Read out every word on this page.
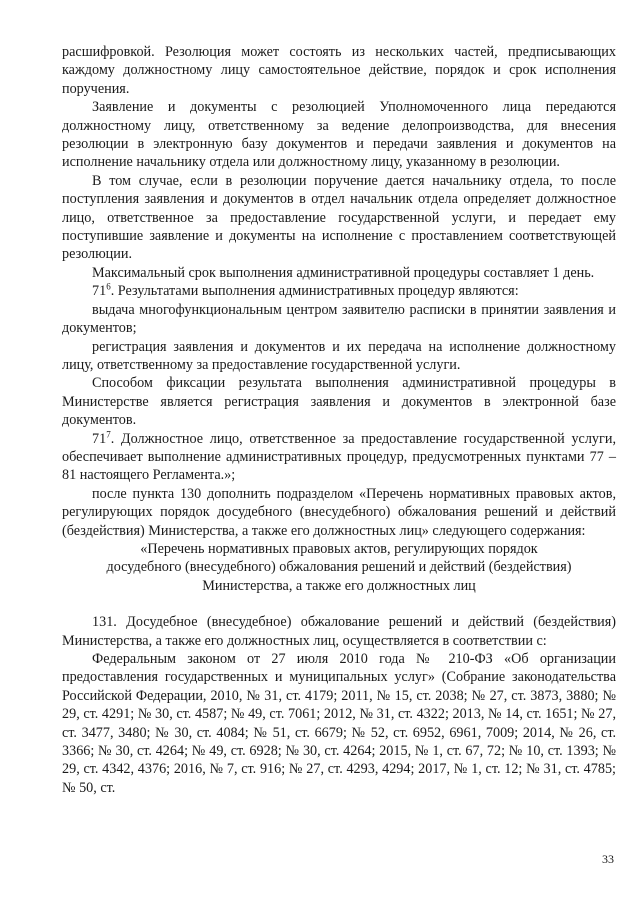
расшифровкой. Резолюция может состоять из нескольких частей, предписывающих каждому должностному лицу самостоятельное действие, порядок и срок исполнения поручения.

Заявление и документы с резолюцией Уполномоченного лица передаются должностному лицу, ответственному за ведение делопроизводства, для внесения резолюции в электронную базу документов и передачи заявления и документов на исполнение начальнику отдела или должностному лицу, указанному в резолюции.

В том случае, если в резолюции поручение дается начальнику отдела, то после поступления заявления и документов в отдел начальник отдела определяет должностное лицо, ответственное за предоставление государственной услуги, и передает ему поступившие заявление и документы на исполнение с проставлением соответствующей резолюции.

Максимальный срок выполнения административной процедуры составляет 1 день.

$71^6$. Результатами выполнения административных процедур являются:

выдача многофункциональным центром заявителю расписки в принятии заявления и документов;

регистрация заявления и документов и их передача на исполнение должностному лицу, ответственному за предоставление государственной услуги.

Способом фиксации результата выполнения административной процедуры в Министерстве является регистрация заявления и документов в электронной базе документов.

$71^7$. Должностное лицо, ответственное за предоставление государственной услуги, обеспечивает выполнение административных процедур, предусмотренных пунктами 77 – 81 настоящего Регламента.»;

после пункта 130 дополнить подразделом «Перечень нормативных правовых актов, регулирующих порядок досудебного (внесудебного) обжалования решений и действий (бездействия) Министерства, а также его должностных лиц» следующего содержания:

«Перечень нормативных правовых актов, регулирующих порядок

досудебного (внесудебного) обжалования решений и действий (бездействия)

Министерства, а также его должностных лиц

131. Досудебное (внесудебное) обжалование решений и действий (бездействия) Министерства, а также его должностных лиц, осуществляется в соответствии с:

Федеральным законом от 27 июля 2010 года № 210-ФЗ «Об организации предоставления государственных и муниципальных услуг» (Собрание законодательства Российской Федерации, 2010, № 31, ст. 4179; 2011, № 15, ст. 2038; № 27, ст. 3873, 3880; № 29, ст. 4291; № 30, ст. 4587; № 49, ст. 7061; 2012, № 31, ст. 4322; 2013, № 14, ст. 1651; № 27, ст. 3477, 3480; № 30, ст. 4084; № 51, ст. 6679; № 52, ст. 6952, 6961, 7009; 2014, № 26, ст. 3366; № 30, ст. 4264; № 49, ст. 6928; № 30, ст. 4264; 2015, № 1, ст. 67, 72; № 10, ст. 1393; № 29, ст. 4342, 4376; 2016, № 7, ст. 916; № 27, ст. 4293, 4294; 2017, № 1, ст. 12; № 31, ст. 4785; № 50, ст.

33
